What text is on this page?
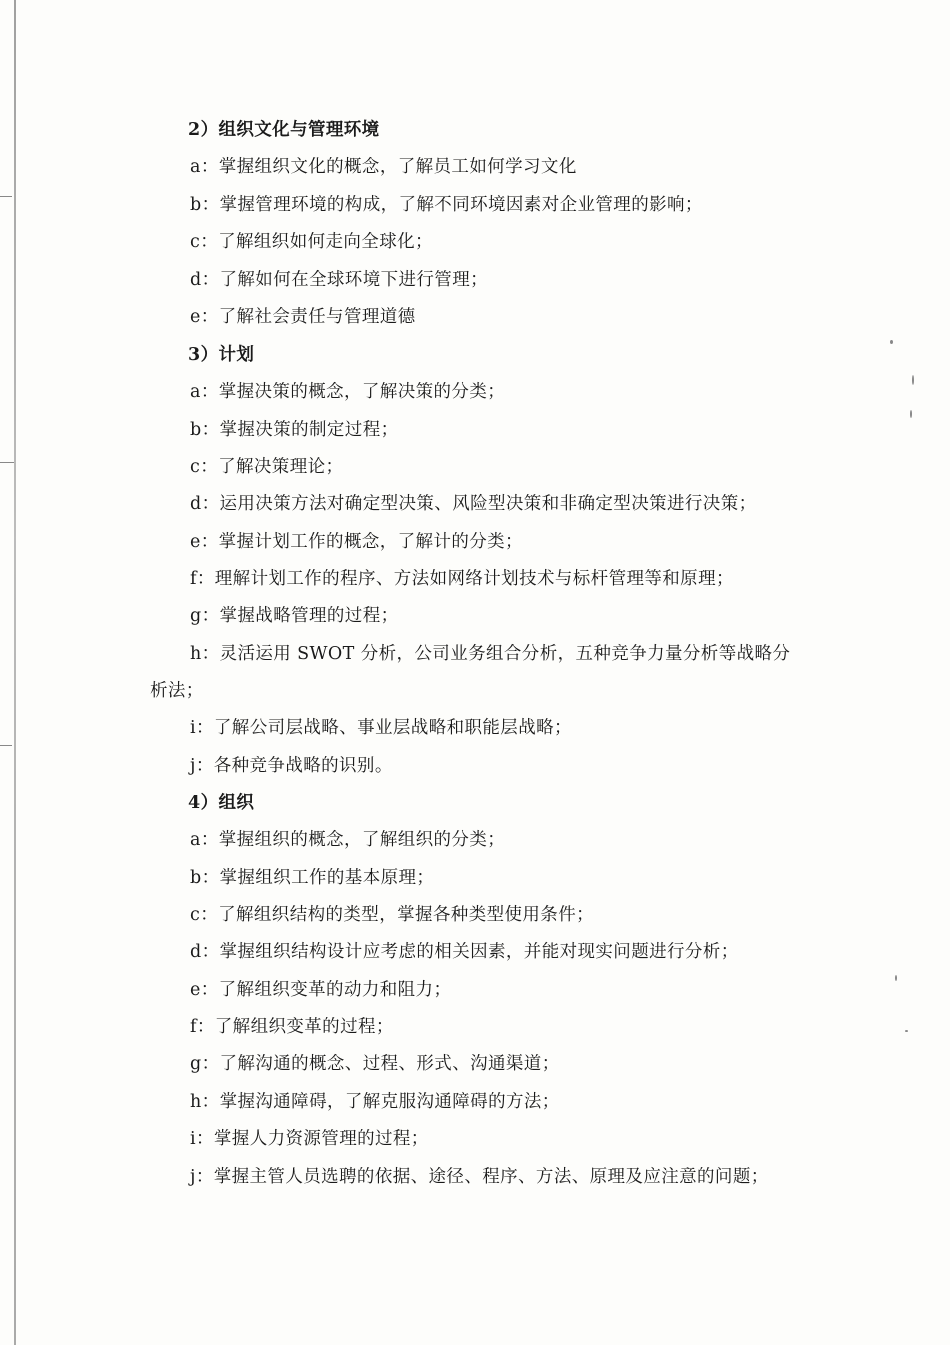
2）组织文化与管理环境
a：掌握组织文化的概念，了解员工如何学习文化
b：掌握管理环境的构成，了解不同环境因素对企业管理的影响；
c：了解组织如何走向全球化；
d：了解如何在全球环境下进行管理；
e：了解社会责任与管理道德
3）计划
a：掌握决策的概念，了解决策的分类；
b：掌握决策的制定过程；
c：了解决策理论；
d：运用决策方法对确定型决策、风险型决策和非确定型决策进行决策；
e：掌握计划工作的概念，了解计的分类；
f：理解计划工作的程序、方法如网络计划技术与标杆管理等和原理；
g：掌握战略管理的过程；
h：灵活运用 SWOT 分析，公司业务组合分析，五种竞争力量分析等战略分
析法；
i：了解公司层战略、事业层战略和职能层战略；
j：各种竞争战略的识别。
4）组织
a：掌握组织的概念，了解组织的分类；
b：掌握组织工作的基本原理；
c：了解组织结构的类型，掌握各种类型使用条件；
d：掌握组织结构设计应考虑的相关因素，并能对现实问题进行分析；
e：了解组织变革的动力和阻力；
f：了解组织变革的过程；
g：了解沟通的概念、过程、形式、沟通渠道；
h：掌握沟通障碍，了解克服沟通障碍的方法；
i：掌握人力资源管理的过程；
j：掌握主管人员选聘的依据、途径、程序、方法、原理及应注意的问题；
